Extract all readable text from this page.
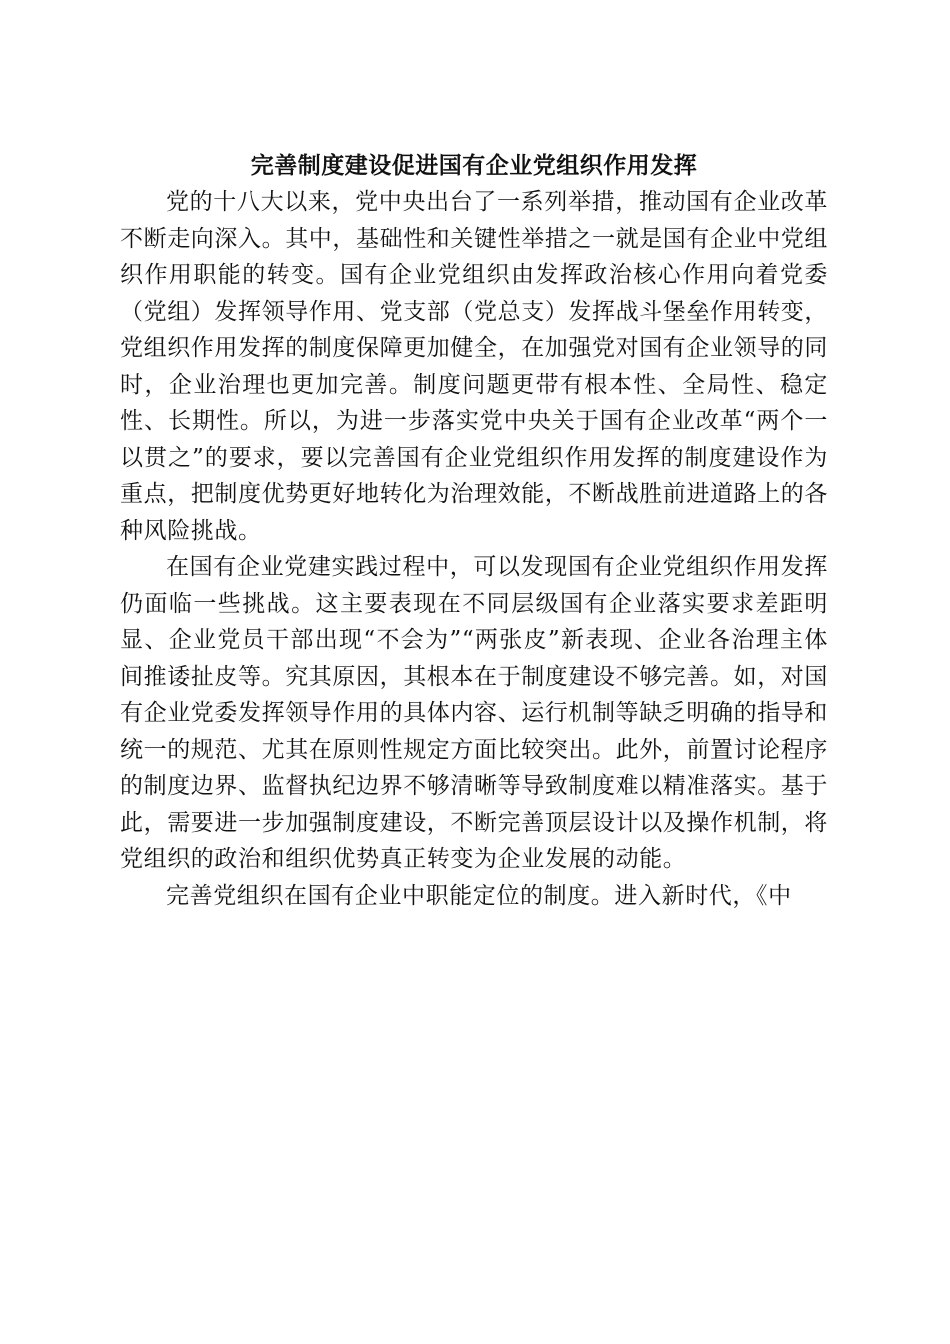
完善制度建设促进国有企业党组织作用发挥

党的十八大以来，党中央出台了一系列举措，推动国有企业改革不断走向深入。其中，基础性和关键性举措之一就是国有企业中党组织作用职能的转变。国有企业党组织由发挥政治核心作用向着党委（党组）发挥领导作用、党支部（党总支）发挥战斗堡垒作用转变，党组织作用发挥的制度保障更加健全，在加强党对国有企业领导的同时，企业治理也更加完善。制度问题更带有根本性、全局性、稳定性、长期性。所以，为进一步落实党中央关于国有企业改革“两个一以贯之”的要求，要以完善国有企业党组织作用发挥的制度建设作为重点，把制度优势更好地转化为治理效能，不断战胜前进道路上的各种风险挑战。

在国有企业党建实践过程中，可以发现国有企业党组织作用发挥仍面临一些挑战。这主要表现在不同层级国有企业落实要求差距明显、企业党员干部出现“不会为”“两张皮”新表现、企业各治理主体间推诿扯皮等。究其原因，其根本在于制度建设不够完善。如，对国有企业党委发挥领导作用的具体内容、运行机制等缺乏明确的指导和统一的规范、尤其在原则性规定方面比较突出。此外，前置讨论程序的制度边界、监督执纪边界不够清晰等导致制度难以精准落实。基于此，需要进一步加强制度建设，不断完善顶层设计以及操作机制，将党组织的政治和组织优势真正转变为企业发展的动能。

完善党组织在国有企业中职能定位的制度。进入新时代，《中
